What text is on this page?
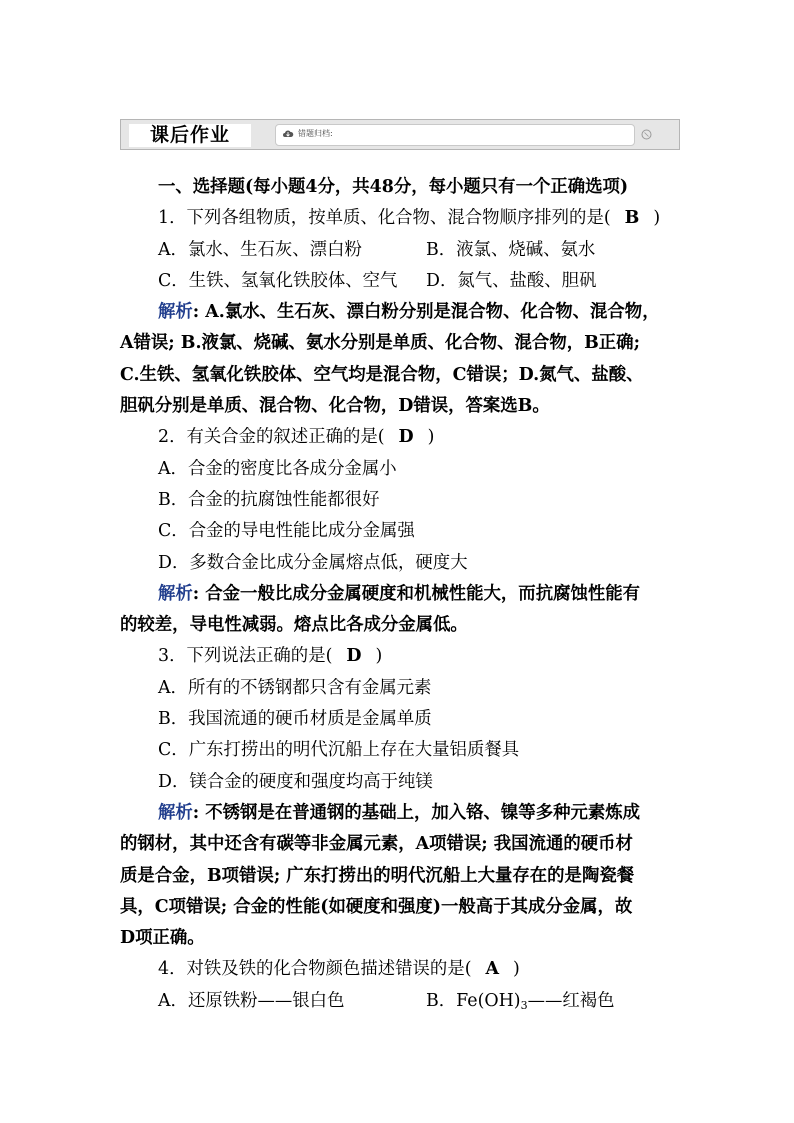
课后作业	错题归档:
一、选择题(每小题4分，共48分，每小题只有一个正确选项)
1．下列各组物质，按单质、化合物、混合物顺序排列的是( B )
A．氯水、生石灰、漂白粉	B．液氯、烧碱、氨水
C．生铁、氢氧化铁胶体、空气 D．氮气、盐酸、胆矾
解析: A.氯水、生石灰、漂白粉分别是混合物、化合物、混合物，
A错误; B.液氯、烧碱、氨水分别是单质、化合物、混合物，B正确;
C.生铁、氢氧化铁胶体、空气均是混合物，C错误；D.氮气、盐酸、
胆矾分别是单质、混合物、化合物，D错误，答案选B。
2．有关合金的叙述正确的是( D )
A．合金的密度比各成分金属小
B．合金的抗腐蚀性能都很好
C．合金的导电性能比成分金属强
D．多数合金比成分金属熔点低，硬度大
解析: 合金一般比成分金属硬度和机械性能大，而抗腐蚀性能有
的较差，导电性减弱。熔点比各成分金属低。
3．下列说法正确的是( D )
A．所有的不锈钢都只含有金属元素
B．我国流通的硬币材质是金属单质
C．广东打捞出的明代沉船上存在大量铝质餐具
D．镁合金的硬度和强度均高于纯镁
解析: 不锈钢是在普通钢的基础上，加入铬、镍等多种元素炼成
的钢材，其中还含有碳等非金属元素，A项错误; 我国流通的硬币材
质是合金，B项错误; 广东打捞出的明代沉船上大量存在的是陶瓷餐
具，C项错误; 合金的性能(如硬度和强度)一般高于其成分金属，故
D项正确。
4．对铁及铁的化合物颜色描述错误的是( A )
A．还原铁粉——银白色	B．$Fe(OH)_3——$红褐色
